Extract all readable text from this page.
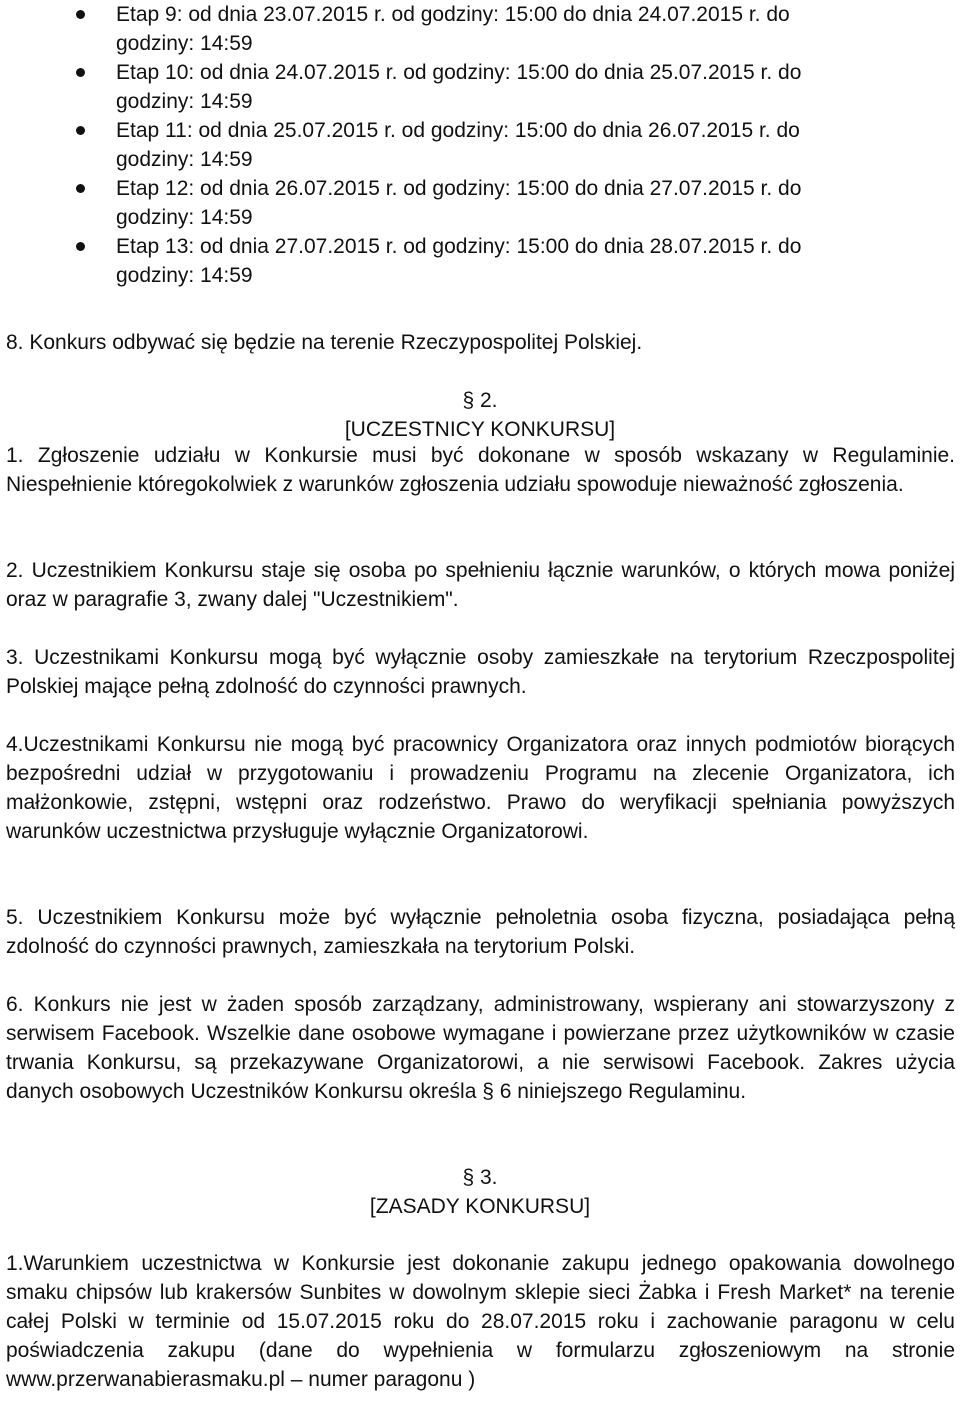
Etap 9: od dnia 23.07.2015 r. od godziny: 15:00 do dnia 24.07.2015 r. do
godziny: 14:59
Etap 10: od dnia 24.07.2015 r. od godziny: 15:00 do dnia 25.07.2015 r. do
godziny: 14:59
Etap 11: od dnia 25.07.2015 r. od godziny: 15:00 do dnia 26.07.2015 r. do
godziny: 14:59
Etap 12: od dnia 26.07.2015 r. od godziny: 15:00 do dnia 27.07.2015 r. do
godziny: 14:59
Etap 13: od dnia 27.07.2015 r. od godziny: 15:00 do dnia 28.07.2015 r. do
godziny: 14:59

8. Konkurs odbywać się będzie na terenie Rzeczypospolitej Polskiej.

§ 2.

[UCZESTNICY KONKURSU]

1. Zgłoszenie udziału w Konkursie musi być dokonane w sposób wskazany w Regulaminie. Niespełnienie któregokolwiek z warunków zgłoszenia udziału spowoduje nieważność zgłoszenia.

2. Uczestnikiem Konkursu staje się osoba po spełnieniu łącznie warunków, o których mowa poniżej oraz w paragrafie 3, zwany dalej "Uczestnikiem".

3. Uczestnikami Konkursu mogą być wyłącznie osoby zamieszkałe na terytorium Rzeczpospolitej Polskiej mające pełną zdolność do czynności prawnych.

4.Uczestnikami Konkursu nie mogą być pracownicy Organizatora oraz innych podmiotów biorących bezpośredni udział w przygotowaniu i prowadzeniu Programu na zlecenie Organizatora, ich małżonkowie, zstępni, wstępni oraz rodzeństwo. Prawo do weryfikacji spełniania powyższych warunków uczestnictwa przysługuje wyłącznie Organizatorowi.

5. Uczestnikiem Konkursu może być wyłącznie pełnoletnia osoba fizyczna, posiadająca pełną zdolność do czynności prawnych, zamieszkała na terytorium Polski.

6. Konkurs nie jest w żaden sposób zarządzany, administrowany, wspierany ani stowarzyszony z serwisem Facebook. Wszelkie dane osobowe wymagane i powierzane przez użytkowników w czasie trwania Konkursu, są przekazywane Organizatorowi, a nie serwisowi Facebook. Zakres użycia danych osobowych Uczestników Konkursu określa § 6 niniejszego Regulaminu.

§ 3.

[ZASADY KONKURSU]

1.Warunkiem uczestnictwa w Konkursie jest dokonanie zakupu jednego opakowania dowolnego smaku chipsów lub krakersów Sunbites w dowolnym sklepie sieci Żabka i Fresh Market* na terenie całej Polski w terminie od 15.07.2015 roku do 28.07.2015 roku i zachowanie paragonu w celu poświadczenia zakupu (dane do wypełnienia w formularzu zgłoszeniowym na stronie www.przerwanabierasmaku.pl – numer paragonu )
